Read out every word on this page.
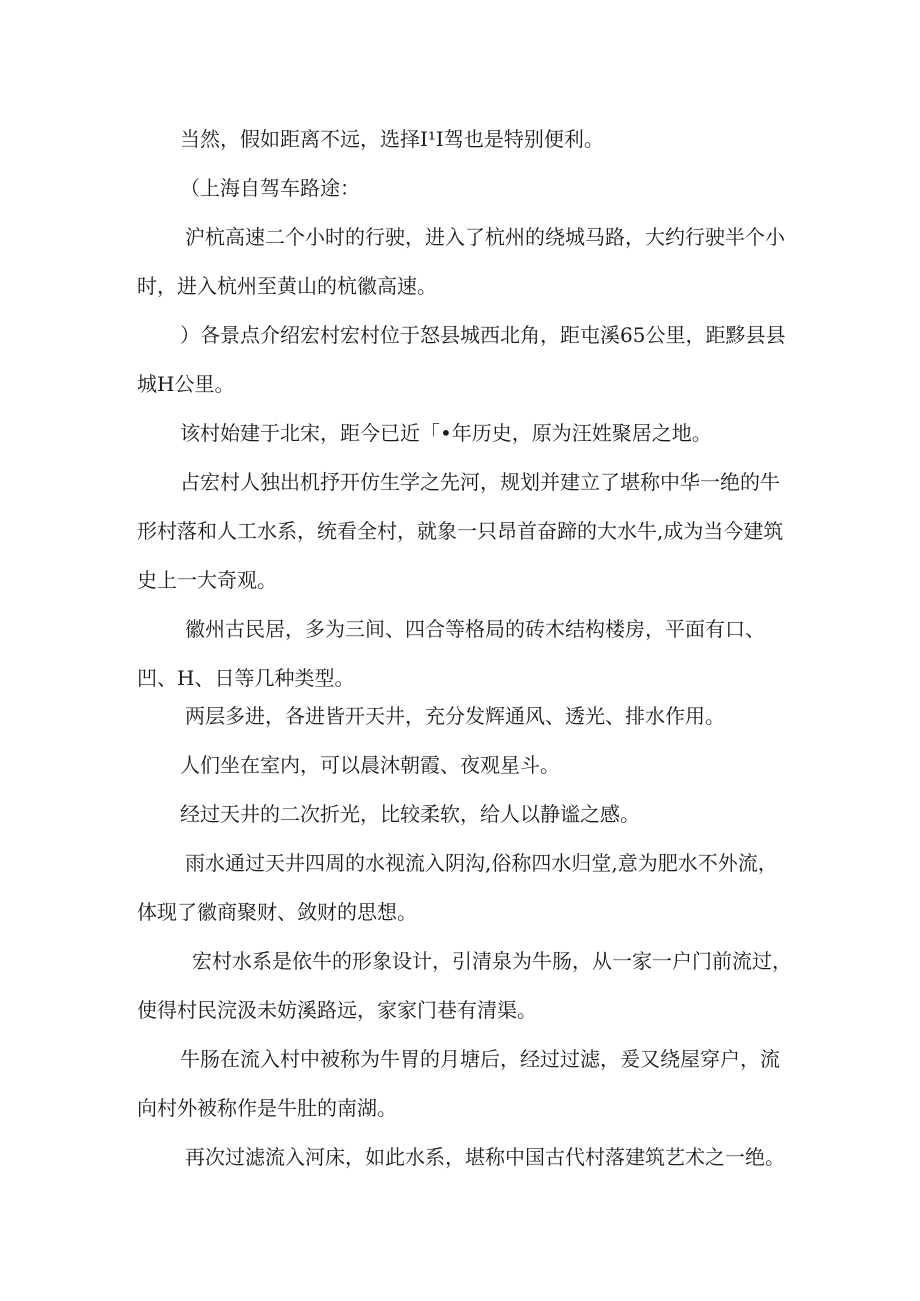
当然，假如距离不远，选择I¹I驾也是特别便利。

（上海自驾车路途：

沪杭高速二个小时的行驶，进入了杭州的绕城马路，大约行驶半个小时，进入杭州至黄山的杭徽高速。

）各景点介绍宏村宏村位于怒县城西北角，距屯溪65公里，距黟县县城H公里。

该村始建于北宋，距今已近「•年历史，原为汪姓聚居之地。

占宏村人独出机抒开仿生学之先河，规划并建立了堪称中华一绝的牛形村落和人工水系，统看全村，就象一只昂首奋蹄的大水牛,成为当今建筑史上一大奇观。

徽州古民居，多为三间、四合等格局的砖木结构楼房，平面有口、凹、H、日等几种类型。

两层多进，各进皆开天井，充分发辉通风、透光、排水作用。

人们坐在室内，可以晨沐朝霞、夜观星斗。

经过天井的二次折光，比较柔软，给人以静谧之感。

雨水通过天井四周的水视流入阴沟,俗称四水归堂,意为肥水不外流，体现了徽商聚财、敛财的思想。

宏村水系是依牛的形象设计，引清泉为牛肠，从一家一户门前流过，使得村民浣汲未妨溪路远，家家门巷有清渠。

牛肠在流入村中被称为牛胃的月塘后，经过过滤，爰又绕屋穿户，流向村外被称作是牛肚的南湖。

再次过滤流入河床，如此水系，堪称中国古代村落建筑艺术之一绝。
